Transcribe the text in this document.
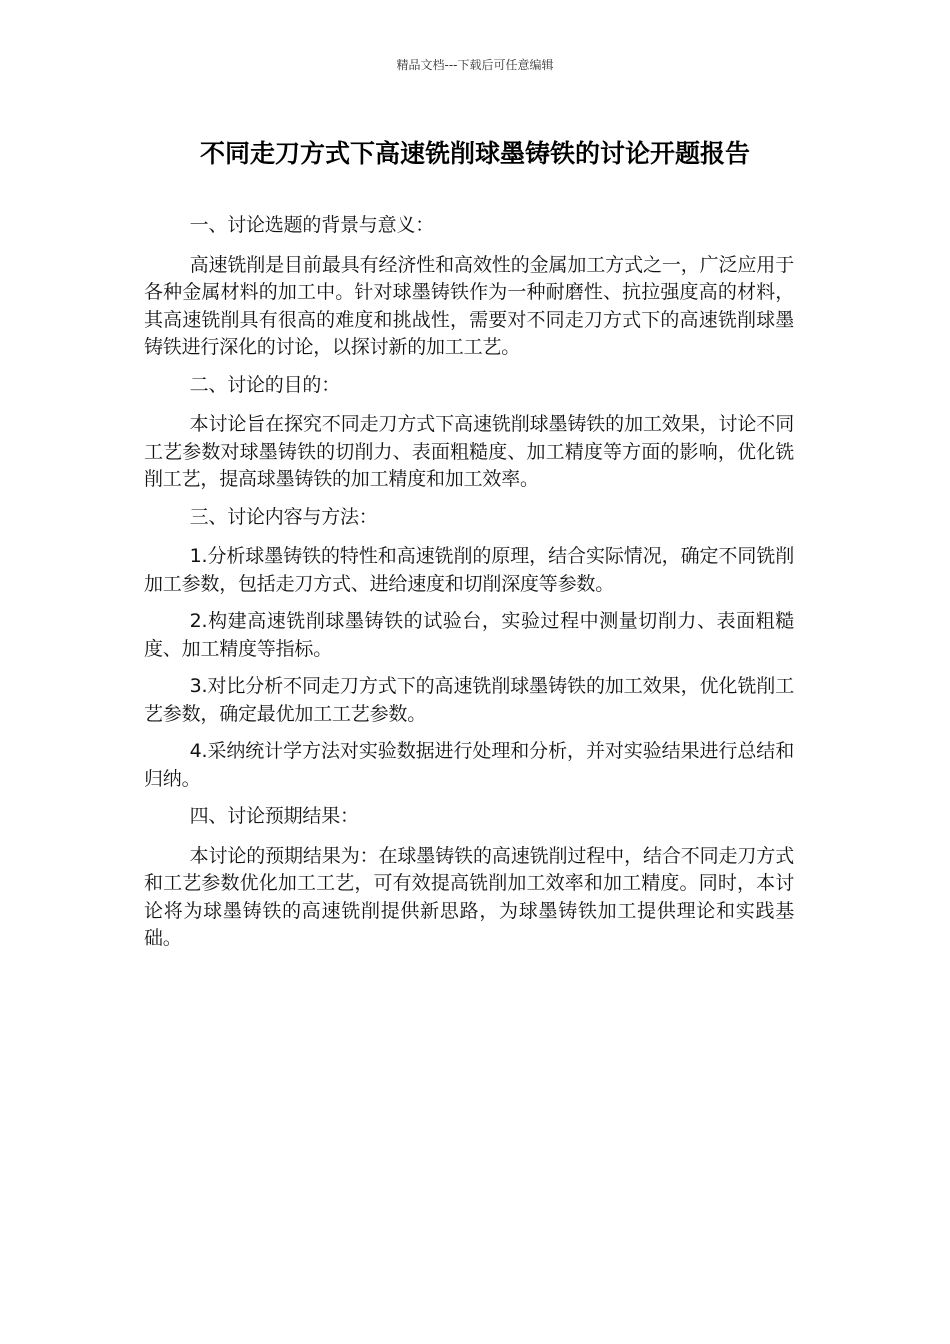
精品文档---下载后可任意编辑
不同走刀方式下高速铣削球墨铸铁的讨论开题报告

一、讨论选题的背景与意义：

高速铣削是目前最具有经济性和高效性的金属加工方式之一，广泛应用于各种金属材料的加工中。针对球墨铸铁作为一种耐磨性、抗拉强度高的材料，其高速铣削具有很高的难度和挑战性，需要对不同走刀方式下的高速铣削球墨铸铁进行深化的讨论，以探讨新的加工工艺。

二、讨论的目的：

本讨论旨在探究不同走刀方式下高速铣削球墨铸铁的加工效果，讨论不同工艺参数对球墨铸铁的切削力、表面粗糙度、加工精度等方面的影响，优化铣削工艺，提高球墨铸铁的加工精度和加工效率。

三、讨论内容与方法：

1.分析球墨铸铁的特性和高速铣削的原理，结合实际情况，确定不同铣削加工参数，包括走刀方式、进给速度和切削深度等参数。

2.构建高速铣削球墨铸铁的试验台，实验过程中测量切削力、表面粗糙度、加工精度等指标。

3.对比分析不同走刀方式下的高速铣削球墨铸铁的加工效果，优化铣削工艺参数，确定最优加工工艺参数。

4.采纳统计学方法对实验数据进行处理和分析，并对实验结果进行总结和归纳。

四、讨论预期结果：

本讨论的预期结果为：在球墨铸铁的高速铣削过程中，结合不同走刀方式和工艺参数优化加工工艺，可有效提高铣削加工效率和加工精度。同时，本讨论将为球墨铸铁的高速铣削提供新思路，为球墨铸铁加工提供理论和实践基础。
